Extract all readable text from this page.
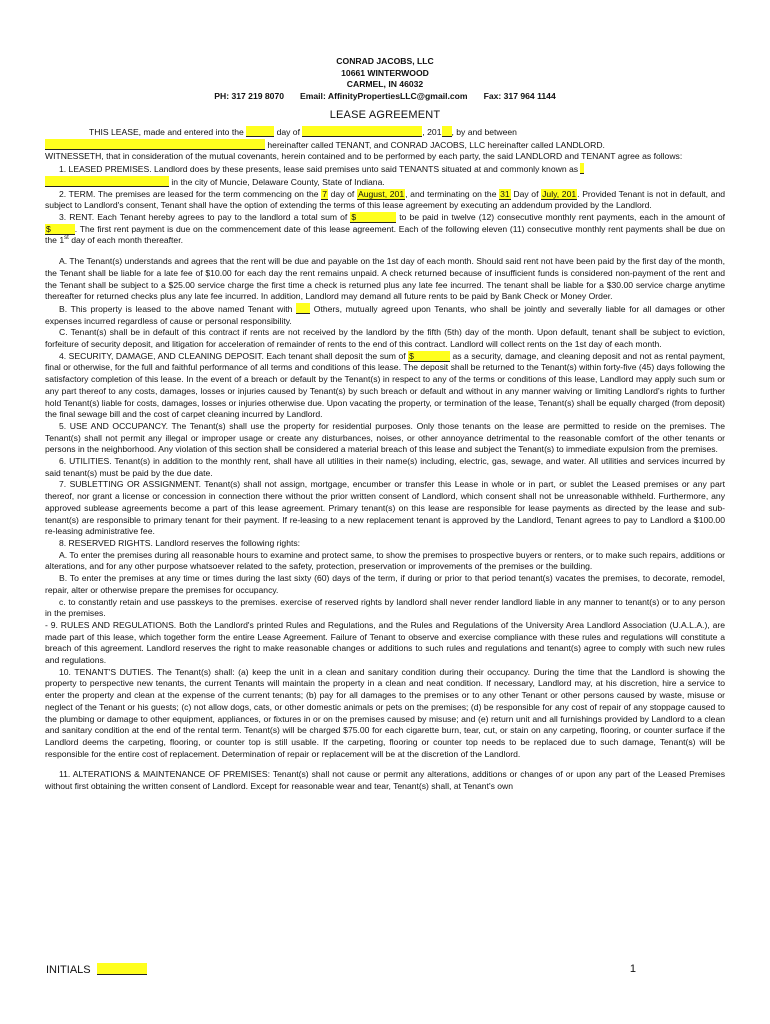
CONRAD JACOBS, LLC
10661 WINTERWOOD
CARMEL, IN 46032
PH: 317 219 8070 Email: AffinityPropertiesLLC@gmail.com Fax: 317 964 1144
LEASE AGREEMENT

THIS LEASE, made and entered into the	day of	, 201 , by and between

hereinafter called TENANT, and CONRAD JACOBS, LLC hereinafter called LANDLORD.

WITNESSETH, that in consideration of the mutual covenants, herein contained and to be performed by each party, the said LANDLORD and TENANT agree as follows:

1. LEASED PREMISES. Landlord does by these presents, lease said premises unto said TENANTS situated at and commonly known as

in the city of Muncie, Delaware County, State of Indiana.

2. TERM. The premises are leased for the term commencing on the 7 day of August, 201, and terminating on the 31 Day of July, 201. Provided Tenant is not in default, and subject to Landlord's consent, Tenant shall have the option of extending the terms of this lease agreement by executing an addendum provided by the Landlord.

3. RENT. Each Tenant hereby agrees to pay to the landlord a total sum of $	to be paid in twelve (12) consecutive monthly rent payments, each in the amount of $	. The first rent payment is due on the commencement date of this lease agreement. Each of the following eleven (11) consecutive monthly rent payments shall be due on the 1st day of each month thereafter.

A. The Tenant(s) understands and agrees that the rent will be due and payable on the 1st day of each month. Should said rent not have been paid by the first day of the month, the Tenant shall be liable for a late fee of $10.00 for each day the rent remains unpaid. A check returned because of insufficient funds is considered non-payment of the rent and the Tenant shall be subject to a $25.00 service charge the first time a check is returned plus any late fee incurred. The tenant shall be liable for a $30.00 service charge anytime thereafter for returned checks plus any late fee incurred. In addition, Landlord may demand all future rents to be paid by Bank Check or Money Order.

B. This property is leased to the above named Tenant with Others, mutually agreed upon Tenants, who shall be jointly and severally liable for all damages or other expenses incurred regardless of cause or personal responsibility.

C. Tenant(s) shall be in default of this contract if rents are not received by the landlord by the fifth (5th) day of the month. Upon default, tenant shall be subject to eviction, forfeiture of security deposit, and litigation for acceleration of remainder of rents to the end of this contract. Landlord will collect rents on the 1st day of each month.

4. SECURITY, DAMAGE, AND CLEANING DEPOSIT. Each tenant shall deposit the sum of $	as a security, damage, and cleaning deposit and not as rental payment, final or otherwise, for the full and faithful performance of all terms and conditions of this lease. The deposit shall be returned to the Tenant(s) within forty-five (45) days following the satisfactory completion of this lease. In the event of a breach or default by the Tenant(s) in respect to any of the terms or conditions of this lease, Landlord may apply such sum or any part thereof to any costs, damages, losses or injuries caused by Tenant(s) by such breach or default and without in any manner waiving or limiting Landlord's rights to further hold Tenant(s) liable for costs, damages, losses or injuries otherwise due. Upon vacating the property, or termination of the lease, Tenant(s) shall be equally charged (from deposit) the final sewage bill and the cost of carpet cleaning incurred by Landlord.

5. USE AND OCCUPANCY. The Tenant(s) shall use the property for residential purposes. Only those tenants on the lease are permitted to reside on the premises. The Tenant(s) shall not permit any illegal or improper usage or create any disturbances, noises, or other annoyance detrimental to the reasonable comfort of the other tenants or persons in the neighborhood. Any violation of this section shall be considered a material breach of this lease and subject the Tenant(s) to immediate expulsion from the premises.

6. UTILITIES. Tenant(s) in addition to the monthly rent, shall have all utilities in their name(s) including, electric, gas, sewage, and water. All utilities and services incurred by said tenant(s) must be paid by the due date.

7. SUBLETTING OR ASSIGNMENT. Tenant(s) shall not assign, mortgage, encumber or transfer this Lease in whole or in part, or sublet the Leased premises or any part thereof, nor grant a license or concession in connection there without the prior written consent of Landlord, which consent shall not be unreasonable withheld. Furthermore, any approved sublease agreements become a part of this lease agreement. Primary tenant(s) on this lease are responsible for lease payments as directed by the lease and sub-tenant(s) are responsible to primary tenant for their payment. If re-leasing to a new replacement tenant is approved by the Landlord, Tenant agrees to pay to Landlord a $100.00 re-leasing administrative fee.

8. RESERVED RIGHTS. Landlord reserves the following rights:

A. To enter the premises during all reasonable hours to examine and protect same, to show the premises to prospective buyers or renters, or to make such repairs, additions or alterations, and for any other purpose whatsoever related to the safety, protection, preservation or improvements of the premises or the building.

B. To enter the premises at any time or times during the last sixty (60) days of the term, if during or prior to that period tenant(s) vacates the premises, to decorate, remodel, repair, alter or otherwise prepare the premises for occupancy.

c. to constantly retain and use passkeys to the premises. exercise of reserved rights by landlord shall never render landlord liable in any manner to tenant(s) or to any person in the premises.

- 9. RULES AND REGULATIONS. Both the Landlord's printed Rules and Regulations, and the Rules and Regulations of the University Area Landlord Association (U.A.L.A.), are made part of this lease, which together form the entire Lease Agreement. Failure of Tenant to observe and exercise compliance with these rules and regulations will constitute a breach of this agreement. Landlord reserves the right to make reasonable changes or additions to such rules and regulations and tenant(s) agree to comply with such new rules and regulations.

10. TENANT'S DUTIES. The Tenant(s) shall: (a) keep the unit in a clean and sanitary condition during their occupancy. During the time that the Landlord is showing the property to perspective new tenants, the current Tenants will maintain the property in a clean and neat condition. If necessary, Landlord may, at his discretion, hire a service to enter the property and clean at the expense of the current tenants; (b) pay for all damages to the premises or to any other Tenant or other persons caused by waste, misuse or neglect of the Tenant or his guests; (c) not allow dogs, cats, or other domestic animals or pets on the premises; (d) be responsible for any cost of repair of any stoppage caused to the plumbing or damage to other equipment, appliances, or fixtures in or on the premises caused by misuse; and (e) return unit and all furnishings provided by Landlord to a clean and sanitary condition at the end of the rental term. Tenant(s) will be charged $75.00 for each cigarette burn, tear, cut, or stain on any carpeting, flooring, or counter surface if the Landlord deems the carpeting, flooring, or counter top is still usable. If the carpeting, flooring or counter top needs to be replaced due to such damage, Tenant(s) will be responsible for the entire cost of replacement. Determination of repair or replacement will be at the discretion of the Landlord.

11. ALTERATIONS & MAINTENANCE OF PREMISES: Tenant(s) shall not cause or permit any alterations, additions or changes of or upon any part of the Leased Premises without first obtaining the written consent of Landlord. Except for reasonable wear and tear, Tenant(s) shall, at Tenant's own

INITIALS	1
